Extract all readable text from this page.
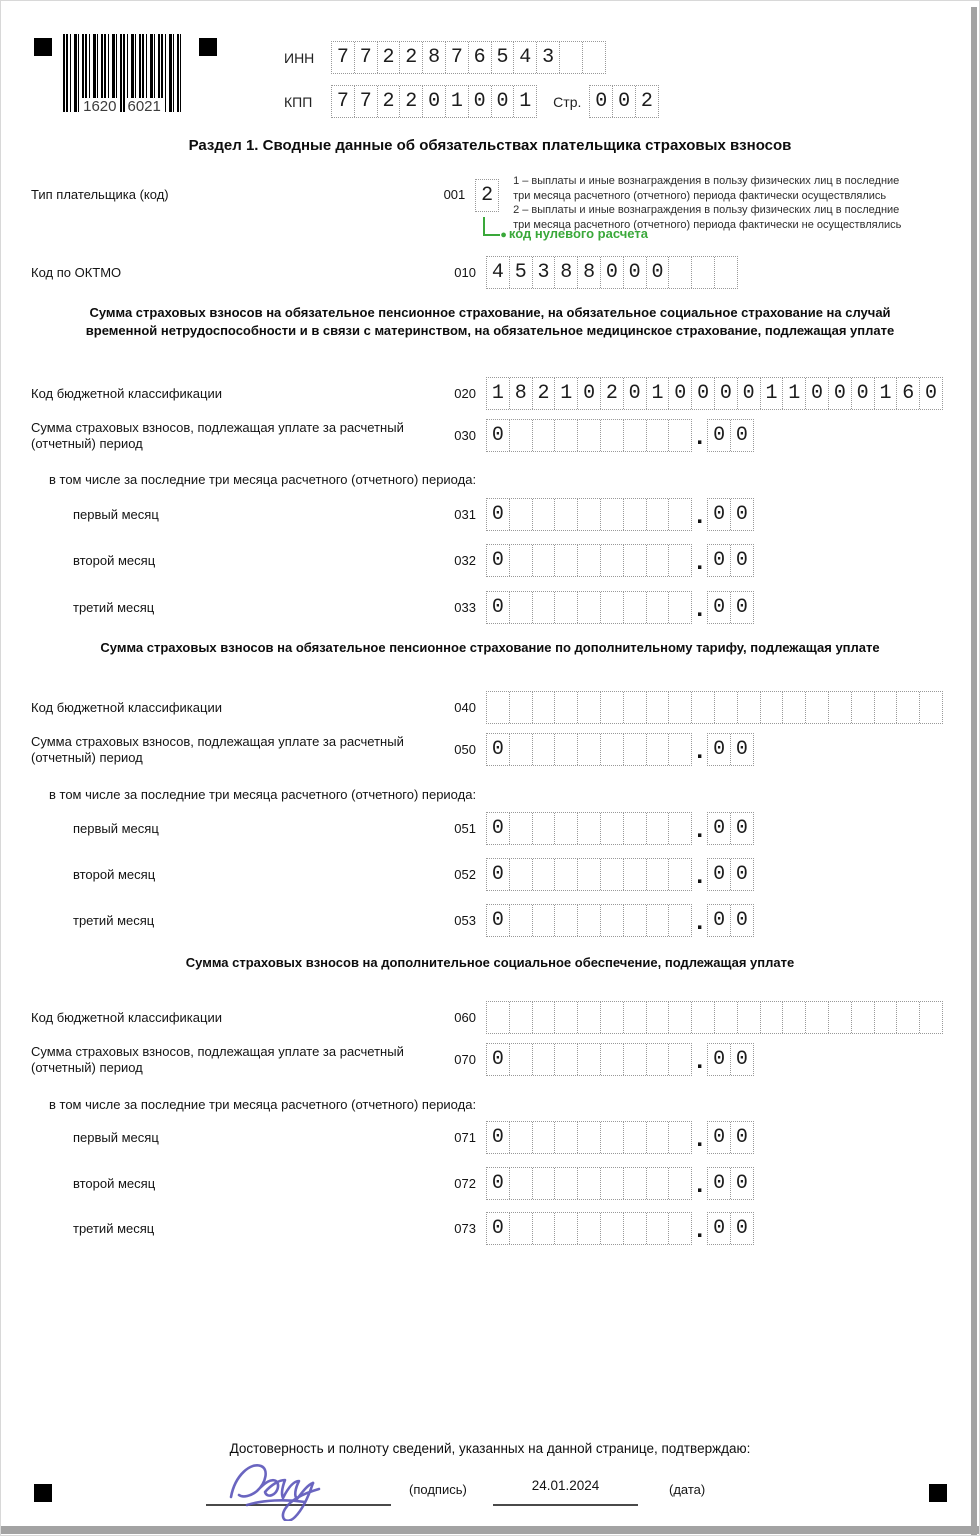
1620 6021
ИНН	7 7 2 2 8 7 6 5 4 3
КПП	7 7 2 2 0 1 0 0 1	Стр. 0 0 2
Раздел 1. Сводные данные об обязательствах плательщика страховых взносов
Тип плательщика (код)	001 2
● код нулевого расчета
1 – выплаты и иные вознаграждения в пользу физических лиц в последние
три месяца расчетного (отчетного) периода фактически осуществлялись
2 – выплаты и иные вознаграждения в пользу физических лиц в последние
три месяца расчетного (отчетного) периода фактически не осуществлялись
Код по ОКТМО	010 4 5 3 8 8 0 0 0
Сумма страховых взносов на обязательное пенсионное страхование, на обязательное социальное страхование на случай временной нетрудоспособности и в связи с материнством, на обязательное медицинское страхование, подлежащая уплате
Код бюджетной классификации	020 1 8 2 1 0 2 0 1 0 0 0 0 1 1 0 0 0 1 6 0
Сумма страховых взносов, подлежащая уплате за расчетный (отчетный) период	030 0	. 0 0
в том числе за последние три месяца расчетного (отчетного) периода:
первый месяц	031 0	. 0 0
второй месяц	032 0	. 0 0
третий месяц	033 0	. 0 0
Сумма страховых взносов на обязательное пенсионное страхование по дополнительному тарифу, подлежащая уплате
Код бюджетной классификации	040
Сумма страховых взносов, подлежащая уплате за расчетный (отчетный) период	050 0	. 0 0
в том числе за последние три месяца расчетного (отчетного) периода:
первый месяц	051 0	. 0 0
второй месяц	052 0	. 0 0
третий месяц	053 0	. 0 0
Сумма страховых взносов на дополнительное социальное обеспечение, подлежащая уплате
Код бюджетной классификации	060
Сумма страховых взносов, подлежащая уплате за расчетный (отчетный) период	070 0	. 0 0
в том числе за последние три месяца расчетного (отчетного) периода:
первый месяц	071 0	. 0 0
второй месяц	072 0	. 0 0
третий месяц	073 0	. 0 0
Достоверность и полноту сведений, указанных на данной странице, подтверждаю:
(подпись)	24.01.2024	(дата)
